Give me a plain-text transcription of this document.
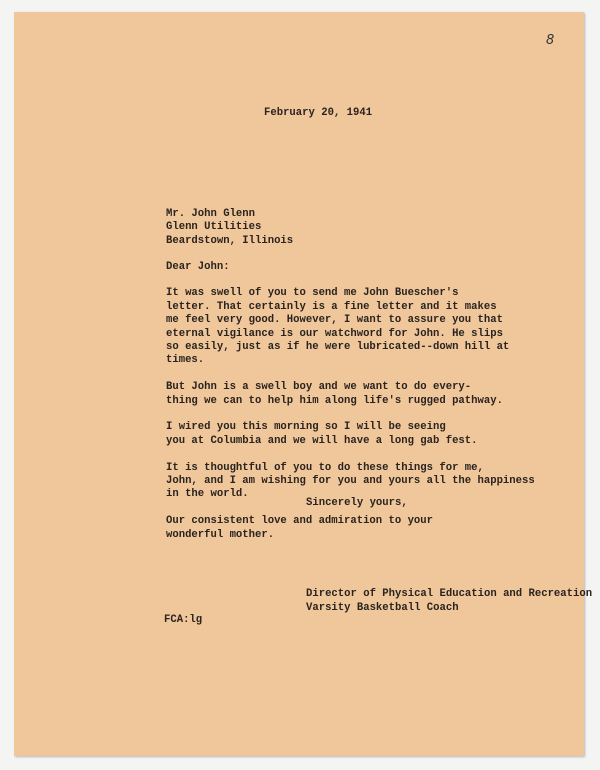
8
February 20, 1941
Mr. John Glenn
Glenn Utilities
Beardstown, Illinois
Dear John:

It was swell of you to send me John Buescher's
letter. That certainly is a fine letter and it makes
me feel very good. However, I want to assure you that
eternal vigilance is our watchword for John. He slips
so easily, just as if he were lubricated--down hill at
times.

But John is a swell boy and we want to do every-
thing we can to help him along life's rugged pathway.

I wired you this morning so I will be seeing
you at Columbia and we will have a long gab fest.

It is thoughtful of you to do these things for me,
John, and I am wishing for you and yours all the happiness
in the world.

Our consistent love and admiration to your
wonderful mother.

Sincerely yours,
Director of Physical Education and Recreation
Varsity Basketball Coach
FCA:lg
